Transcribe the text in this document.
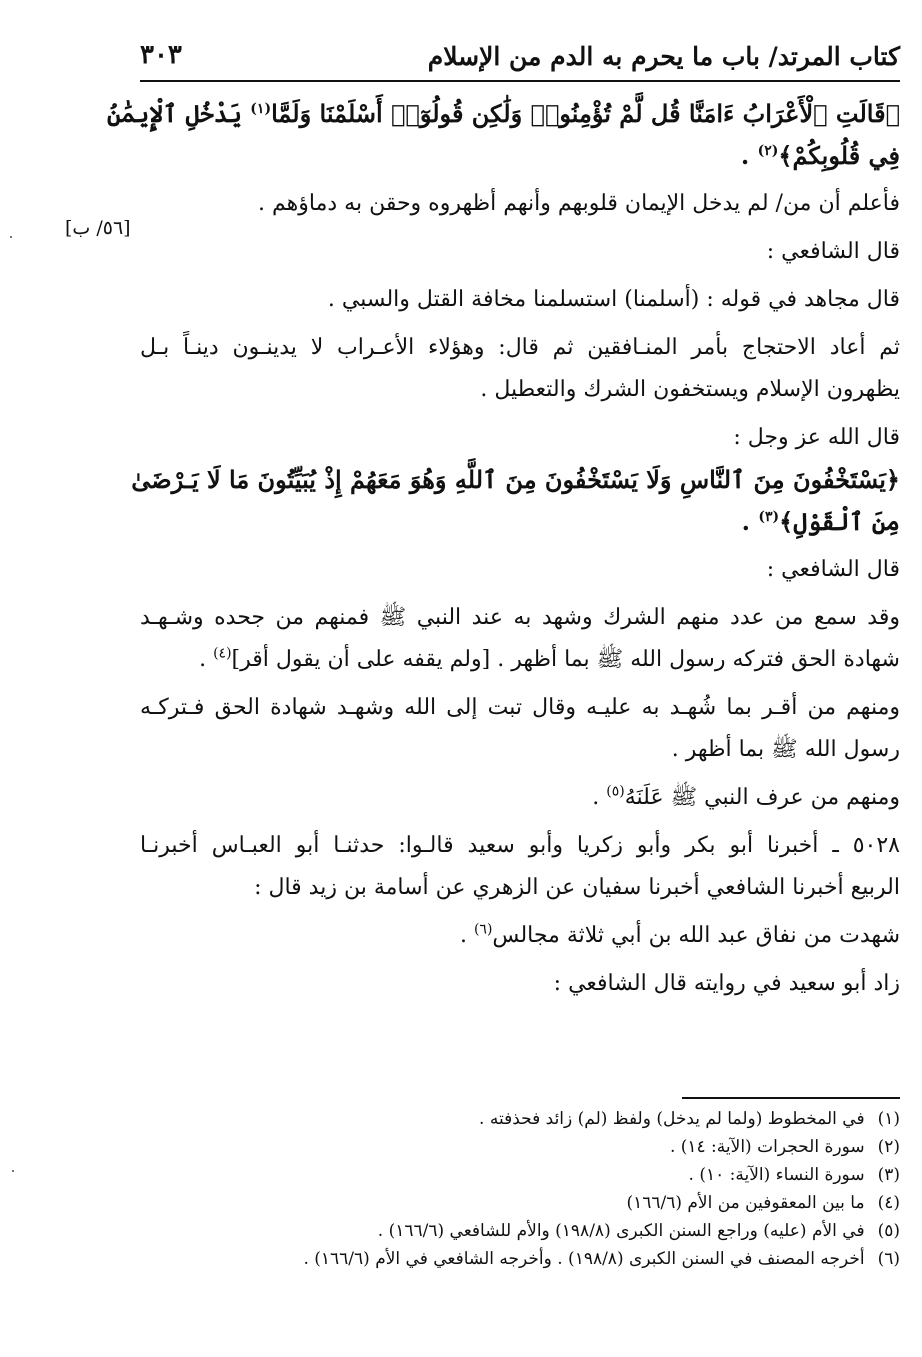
كتاب المرتد/ باب ما يحرم به الدم من الإسلام
٣٠٣
[٥٦/ ب]
﴿قَالَتِ ٱلْأَعْرَابُ ءَامَنَّا قُل لَّمْ تُؤْمِنُوا۟ وَلَٰكِن قُولُوٓا۟ أَسْلَمْنَا وَلَمَّا$^{(١)}$ يَدْخُلِ ٱلْإِيمَٰنُ
فِي قُلُوبِكُمْ﴾$^{(٢)}$ .
فأعلم أن من/ لم يدخل الإيمان قلوبهم وأنهم أظهروه وحقن به دماؤهم .
قال الشافعي :
قال مجاهد في قوله : (أسلمنا) استسلمنا مخافة القتل والسبي .
ثم أعاد الاحتجاج بأمر المنـافقين ثم قال: وهؤلاء الأعـراب لا يدينـون دينـاً بـل
يظهرون الإسلام ويستخفون الشرك والتعطيل .
قال الله عز وجل :
﴿يَسْتَخْفُونَ مِنَ ٱلنَّاسِ وَلَا يَسْتَخْفُونَ مِنَ ٱللَّهِ وَهُوَ مَعَهُمْ إِذْ يُبَيِّتُونَ مَا لَا يَـرْضَىٰ
مِنَ ٱلْقَوْلِ﴾$^{(٣)}$ .
قال الشافعي :
وقد سمع من عدد منهم الشرك وشهد به عند النبي ﷺ فمنهم من جحده وشـهـد
شهادة الحق فتركه رسول الله ﷺ بما أظهر . [ولم يقفه على أن يقول أقر]$^{(٤)}$ .
ومنهم من أقـر بما شُهـد به عليـه وقال تبت إلى الله وشهـد شهادة الحق فـتركـه
رسول الله ﷺ بما أظهر .
ومنهم من عرف النبي ﷺ عَلَنَهُ$^{(٥)}$ .
٥٠٢٨ ـ أخبرنا أبو بكر وأبو زكريا وأبو سعيد قالـوا: حدثنـا أبو العبـاس أخبرنـا
الربيع أخبرنا الشافعي أخبرنا سفيان عن الزهري عن أسامة بن زيد قال :
شهدت من نفاق عبد الله بن أبي ثلاثة مجالس$^{(٦)}$ .
زاد أبو سعيد في روايته قال الشافعي :
(١) في المخطوط (ولما لم يدخل) ولفظ (لم) زائد فحذفته .
(٢) سورة الحجرات (الآية: ١٤) .
(٣) سورة النساء (الآية: ١٠) .
(٤) ما بين المعقوفين من الأم (١٦٦/٦)
(٥) في الأم (عليه) وراجع السنن الكبرى (١٩٨/٨) والأم للشافعي (١٦٦/٦) .
(٦) أخرجه المصنف في السنن الكبرى (١٩٨/٨) . وأخرجه الشافعي في الأم (١٦٦/٦) .
